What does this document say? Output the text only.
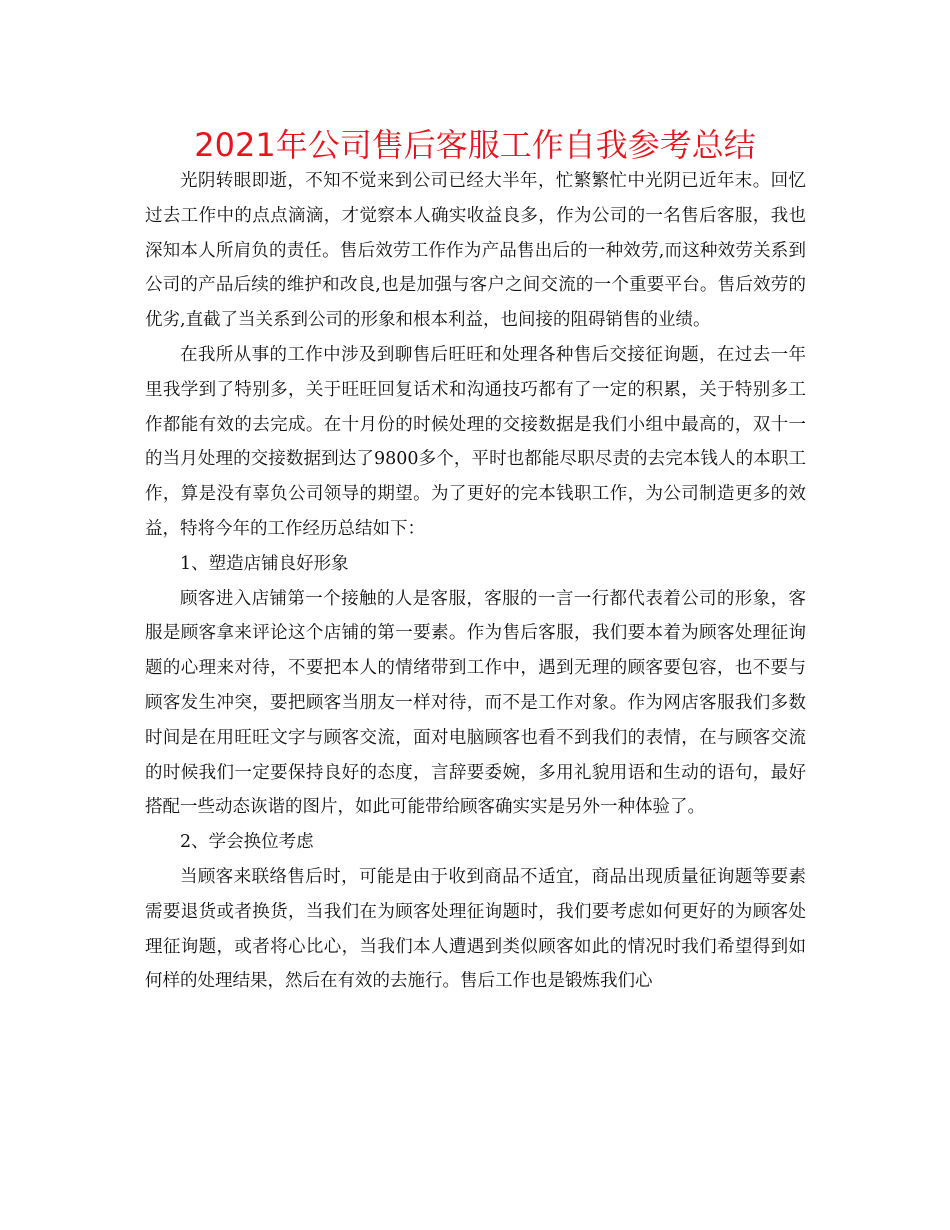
2021年公司售后客服工作自我参考总结

光阴转眼即逝，不知不觉来到公司已经大半年，忙繁繁忙中光阴已近年末。回忆过去工作中的点点滴滴，才觉察本人确实收益良多，作为公司的一名售后客服，我也深知本人所肩负的责任。售后效劳工作作为产品售出后的一种效劳,而这种效劳关系到公司的产品后续的维护和改良,也是加强与客户之间交流的一个重要平台。售后效劳的优劣,直截了当关系到公司的形象和根本利益，也间接的阻碍销售的业绩。

在我所从事的工作中涉及到聊售后旺旺和处理各种售后交接征询题，在过去一年里我学到了特别多，关于旺旺回复话术和沟通技巧都有了一定的积累，关于特别多工作都能有效的去完成。在十月份的时候处理的交接数据是我们小组中最高的，双十一的当月处理的交接数据到达了9800多个，平时也都能尽职尽责的去完本钱人的本职工作，算是没有辜负公司领导的期望。为了更好的完本钱职工作，为公司制造更多的效益，特将今年的工作经历总结如下：

1、塑造店铺良好形象

顾客进入店铺第一个接触的人是客服，客服的一言一行都代表着公司的形象，客服是顾客拿来评论这个店铺的第一要素。作为售后客服，我们要本着为顾客处理征询题的心理来对待，不要把本人的情绪带到工作中，遇到无理的顾客要包容，也不要与顾客发生冲突，要把顾客当朋友一样对待，而不是工作对象。作为网店客服我们多数时间是在用旺旺文字与顾客交流，面对电脑顾客也看不到我们的表情，在与顾客交流的时候我们一定要保持良好的态度，言辞要委婉，多用礼貌用语和生动的语句，最好搭配一些动态诙谐的图片，如此可能带给顾客确实实是另外一种体验了。

2、学会换位考虑

当顾客来联络售后时，可能是由于收到商品不适宜，商品出现质量征询题等要素需要退货或者换货，当我们在为顾客处理征询题时，我们要考虑如何更好的为顾客处理征询题，或者将心比心，当我们本人遭遇到类似顾客如此的情况时我们希望得到如何样的处理结果，然后在有效的去施行。售后工作也是锻炼我们心
